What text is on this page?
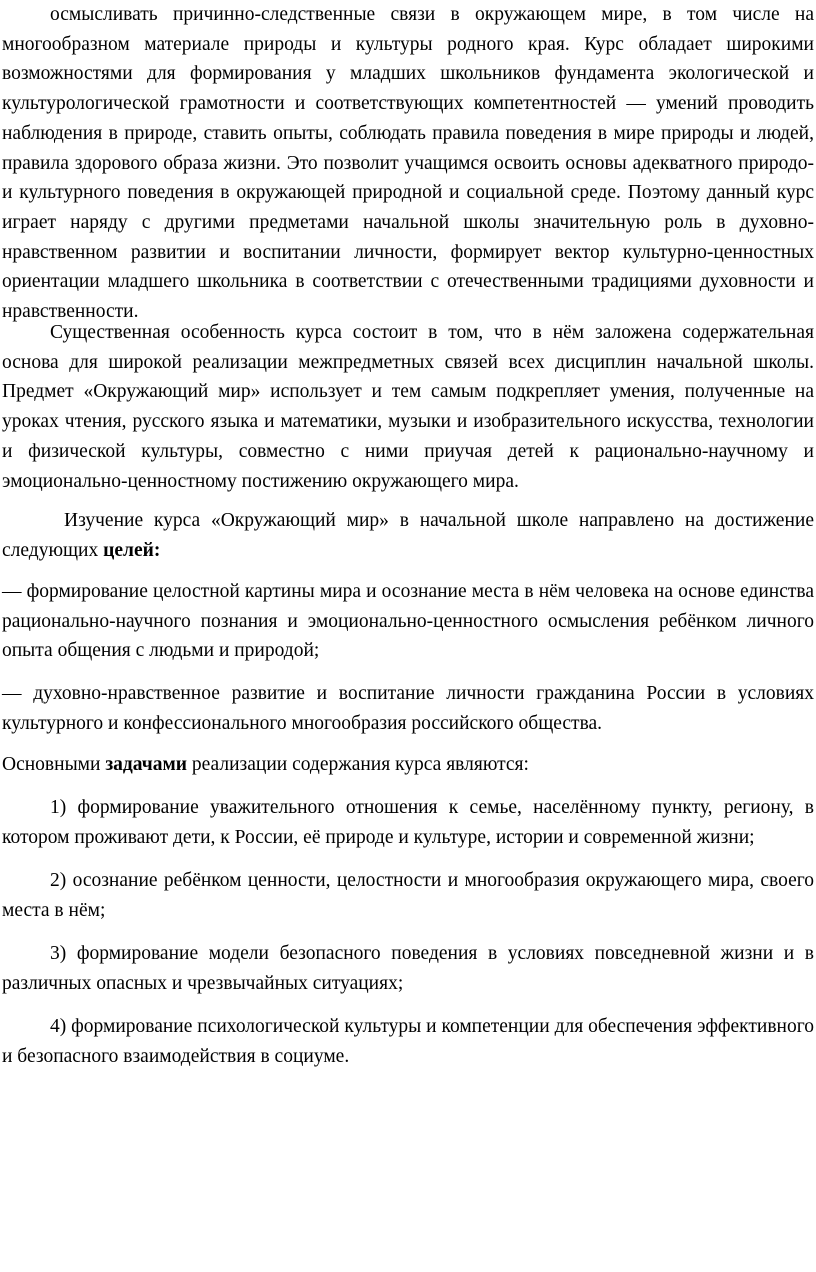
осмысливать причинно-следственные связи в окружающем мире, в том числе на многообразном материале природы и культуры родного края. Курс обладает широкими возможностями для формирования у младших школьников фундамента экологической и культурологической грамотности и соответствующих компетентностей — умений проводить наблюдения в природе, ставить опыты, соблюдать правила поведения в мире природы и людей, правила здорового образа жизни. Это позволит учащимся освоить основы адекватного природо- и культурного поведения в окружающей природной и социальной среде. Поэтому данный курс играет наряду с другими предметами начальной школы значительную роль в духовно-нравственном развитии и воспитании личности, формирует вектор культурно-ценностных ориентации младшего школьника в соответствии с отечественными традициями духовности и нравственности.

Существенная особенность курса состоит в том, что в нём заложена содержательная основа для широкой реализации межпредметных связей всех дисциплин начальной школы. Предмет «Окружающий мир» использует и тем самым подкрепляет умения, полученные на уроках чтения, русского языка и математики, музыки и изобразительного искусства, технологии и физической культуры, совместно с ними приучая детей к рационально-научному и эмоционально-ценностному постижению окружающего мира.

Изучение курса «Окружающий мир» в начальной школе направлено на достижение следующих целей:

— формирование целостной картины мира и осознание места в нём человека на основе единства рационально-научного познания и эмоционально-ценностного осмысления ребёнком личного опыта общения с людьми и природой;

— духовно-нравственное развитие и воспитание личности гражданина России в условиях культурного и конфессионального многообразия российского общества.

Основными задачами реализации содержания курса являются:

1) формирование уважительного отношения к семье, населённому пункту, региону, в котором проживают дети, к России, её природе и культуре, истории и современной жизни;

2) осознание ребёнком ценности, целостности и многообразия окружающего мира, своего места в нём;

3) формирование модели безопасного поведения в условиях повседневной жизни и в различных опасных и чрезвычайных ситуациях;

4) формирование психологической культуры и компетенции для обеспечения эффективного и безопасного взаимодействия в социуме.
